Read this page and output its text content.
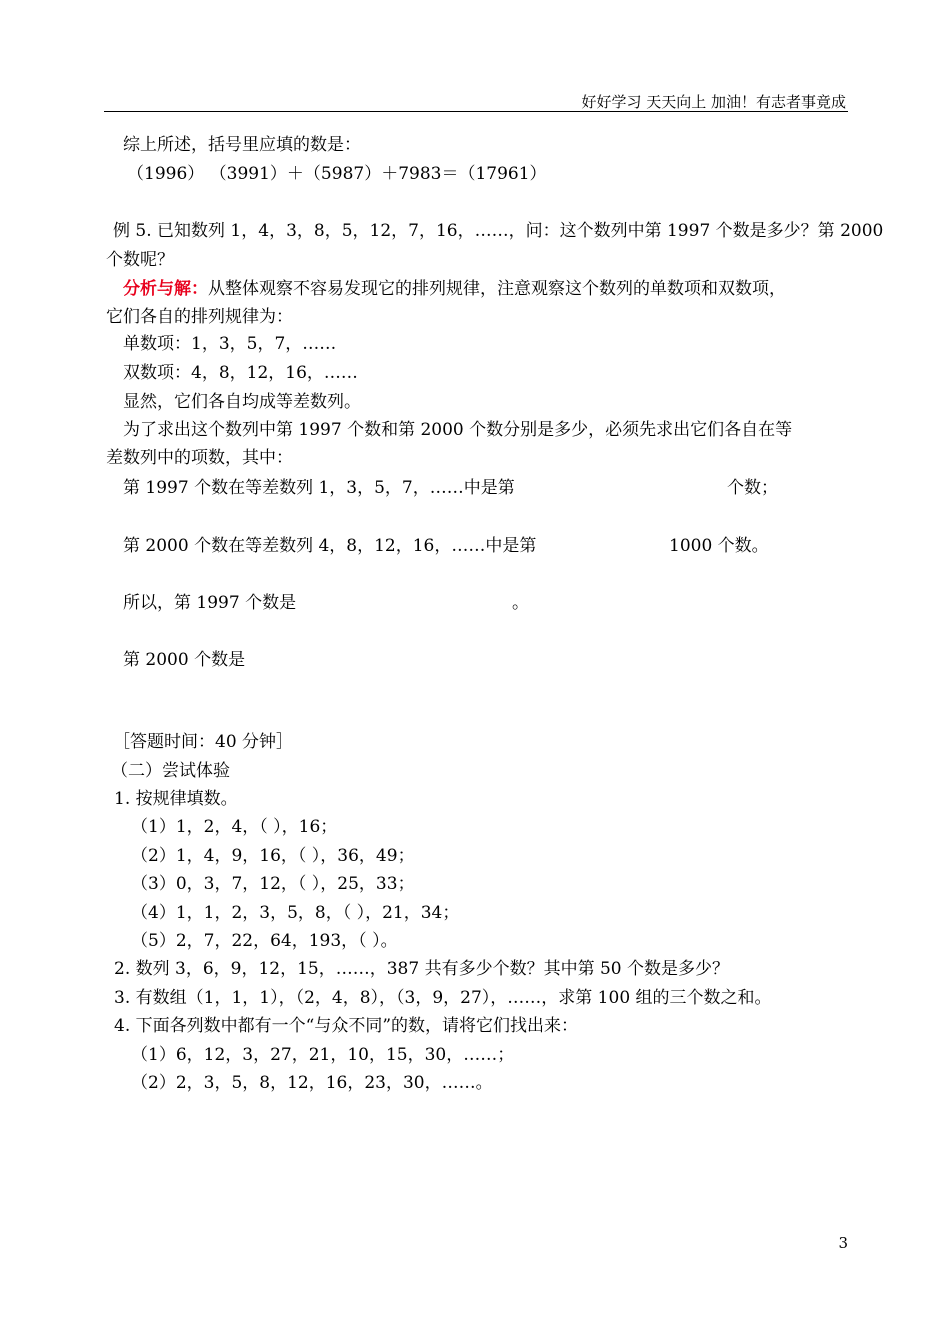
好好学习 天天向上 加油！有志者事竟成
综上所述，括号里应填的数是：
（1996） （3991）＋（5987）＋7983＝（17961）
例 5. 已知数列 1，4，3，8，5，12，7，16，……，问：这个数列中第 1997 个数是多少？第 2000
个数呢？
分析与解：从整体观察不容易发现它的排列规律，注意观察这个数列的单数项和双数项，
它们各自的排列规律为：
单数项：1，3，5，7，……
双数项：4，8，12，16，……
显然，它们各自均成等差数列。
为了求出这个数列中第 1997 个数和第 2000 个数分别是多少，必须先求出它们各自在等
差数列中的项数，其中：
第 1997 个数在等差数列 1，3，5，7，……中是第	个数；
第 2000 个数在等差数列 4，8，12，16，……中是第	1000 个数。
所以，第 1997 个数是	。
第 2000 个数是
［答题时间：40 分钟］
（二）尝试体验
1. 按规律填数。
（1）1，2，4，（ ），16；
（2）1，4，9，16，（ ），36，49；
（3）0，3，7，12，（ ），25，33；
（4）1，1，2，3，5，8，（ ），21，34；
（5）2，7，22，64，193，（ ）。
2. 数列 3，6，9，12，15，……，387 共有多少个数？其中第 50 个数是多少？
3. 有数组（1，1，1），（2，4，8），（3，9，27），……，求第 100 组的三个数之和。
4. 下面各列数中都有一个“与众不同”的数，请将它们找出来：
（1）6，12，3，27，21，10，15，30，……；
（2）2，3，5，8，12，16，23，30，……。
3
